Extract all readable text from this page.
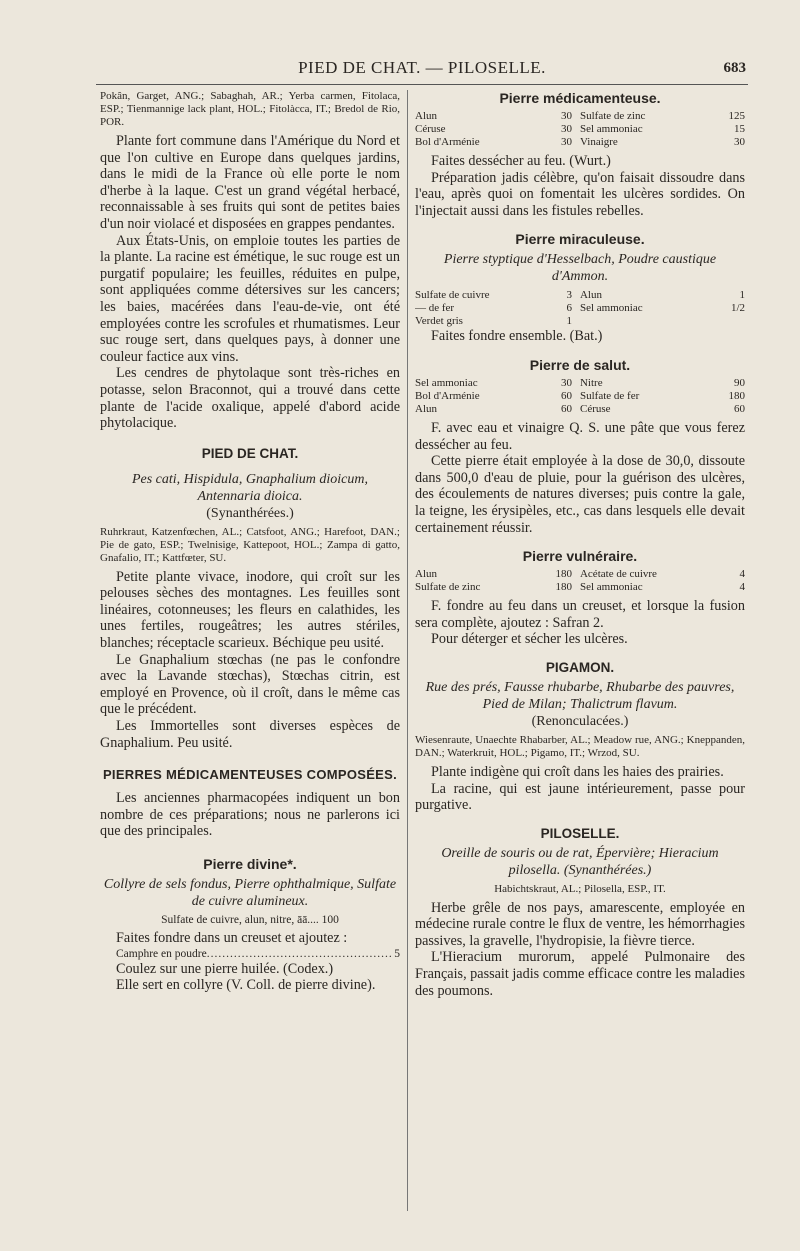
PIED DE CHAT. — PILOSELLE.	683

Pokân, Garget, ANG.; Sabaghah, AR.; Yerba carmen, Fitolaca, ESP.; Tienmannige lack plant, HOL.; Fitolàcca, IT.; Bredol de Rio, POR.

Plante fort commune dans l'Amérique du Nord et que l'on cultive en Europe dans quelques jardins, dans le midi de la France où elle porte le nom d'herbe à la laque. C'est un grand végétal herbacé, reconnaissable à ses fruits qui sont de petites baies d'un noir violacé et disposées en grappes pendantes.

Aux États-Unis, on emploie toutes les parties de la plante. La racine est émétique, le suc rouge est un purgatif populaire; les feuilles, réduites en pulpe, sont appliquées comme détersives sur les cancers; les baies, macérées dans l'eau-de-vie, ont été employées contre les scrofules et rhumatismes. Leur suc rouge sert, dans quelques pays, à donner une couleur factice aux vins.

Les cendres de phytolaque sont très-riches en potasse, selon Braconnot, qui a trouvé dans cette plante de l'acide oxalique, appelé d'abord acide phytolacique.

PIED DE CHAT.

Pes cati, Hispidula, Gnaphalium dioicum, Antennaria dioica.

(Synanthérées.)

Ruhrkraut, Katzenfœchen, AL.; Catsfoot, ANG.; Harefoot, DAN.; Pie de gato, ESP.; Twelnisige, Kattepoot, HOL.; Zampa di gatto, Gnafalio, IT.; Kattfœter, SU.

Petite plante vivace, inodore, qui croît sur les pelouses sèches des montagnes. Les feuilles sont linéaires, cotonneuses; les fleurs en calathides, les unes fertiles, rougeâtres; les autres stériles, blanches; réceptacle scarieux. Béchique peu usité.

Le Gnaphalium stœchas (ne pas le confondre avec la Lavande stœchas), Stœchas citrin, est employé en Provence, où il croît, dans le même cas que le précédent.

Les Immortelles sont diverses espèces de Gnaphalium. Peu usité.

PIERRES MÉDICAMENTEUSES COMPOSÉES.

Les anciennes pharmacopées indiquent un bon nombre de ces préparations; nous ne parlerons ici que des principales.

Pierre divine*.

Collyre de sels fondus, Pierre ophthalmique, Sulfate de cuivre alumineux.

Sulfate de cuivre, alun, nitre, āā.... 100

Faites fondre dans un creuset et ajoutez :

Camphre en poudre .....	5

Coulez sur une pierre huilée. (Codex.)

Elle sert en collyre (V. Coll. de pierre divine).

Pierre médicamenteuse.
Alun	30	Sulfate de zinc	125
Céruse	30	Sel ammoniac	15
Bol d'Arménie	30	Vinaigre	30

Faites dessécher au feu. (Wurt.)

Préparation jadis célèbre, qu'on faisait dissoudre dans l'eau, après quoi on fomentait les ulcères sordides. On l'injectait aussi dans les fistules rebelles.

Pierre miraculeuse.

Pierre styptique d'Hesselbach, Poudre caustique d'Ammon.

Sulfate de cuivre	3	Alun	1
— de fer	6	Sel ammoniac	1/2
Verdet gris	1		

Faites fondre ensemble. (Bat.)

Pierre de salut.
Sel ammoniac	30	Nitre	90
Bol d'Arménie	60	Sulfate de fer	180
Alun	60	Céruse	60

F. avec eau et vinaigre Q. S. une pâte que vous ferez dessécher au feu.

Cette pierre était employée à la dose de 30,0, dissoute dans 500,0 d'eau de pluie, pour la guérison des ulcères, des écoulements de natures diverses; puis contre la gale, la teigne, les érysipèles, etc., cas dans lesquels elle devait certainement réussir.

Pierre vulnéraire.
Alun	180	Acétate de cuivre	4
Sulfate de zinc	180	Sel ammoniac	4

F. fondre au feu dans un creuset, et lorsque la fusion sera complète, ajoutez : Safran 2.

Pour déterger et sécher les ulcères.

PIGAMON.

Rue des prés, Fausse rhubarbe, Rhubarbe des pauvres, Pied de Milan; Thalictrum flavum.

(Renonculacées.)

Wiesenraute, Unaechte Rhabarber, AL.; Meadow rue, ANG.; Kneppanden, DAN.; Waterkruit, HOL.; Pigamo, IT.; Wrzod, SU.

Plante indigène qui croît dans les haies des prairies.

La racine, qui est jaune intérieurement, passe pour purgative.

PILOSELLE.

Oreille de souris ou de rat, Épervière; Hieracium pilosella. (Synanthérées.)

Habichtskraut, AL.; Pilosella, ESP., IT.

Herbe grêle de nos pays, amarescente, employée en médecine rurale contre le flux de ventre, les hémorrhagies passives, la gravelle, l'hydropisie, la fièvre tierce.

L'Hieracium murorum, appelé Pulmonaire des Français, passait jadis comme efficace contre les maladies des poumons.
